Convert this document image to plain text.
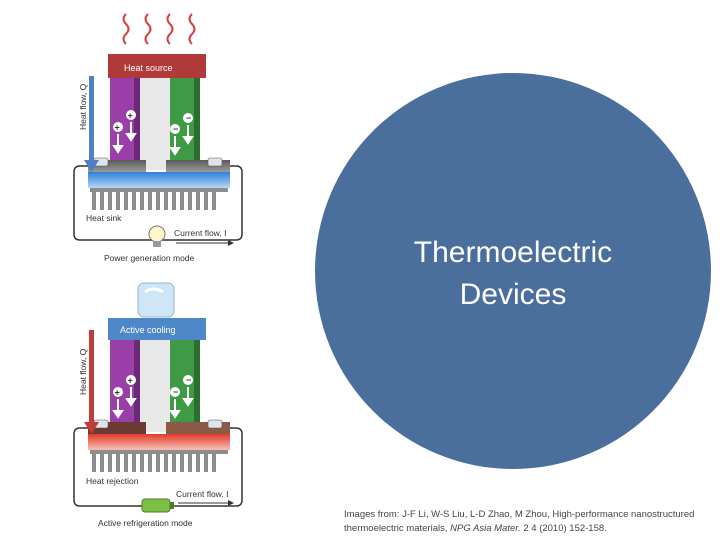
Heat source
+
+
−
−
Heat sink
Current flow, I
Power generation mode
Heat flow, Q
Active cooling
+
+
−
−
Heat rejection
Current flow, I
Active refrigeration mode
Heat flow, Q
Thermoelectric
Devices
Images from: J-F Li, W-S Liu, L-D Zhao, M Zhou, High-performance nanostructured thermoelectric materials, NPG Asia Mater. 2 4 (2010) 152-158.
